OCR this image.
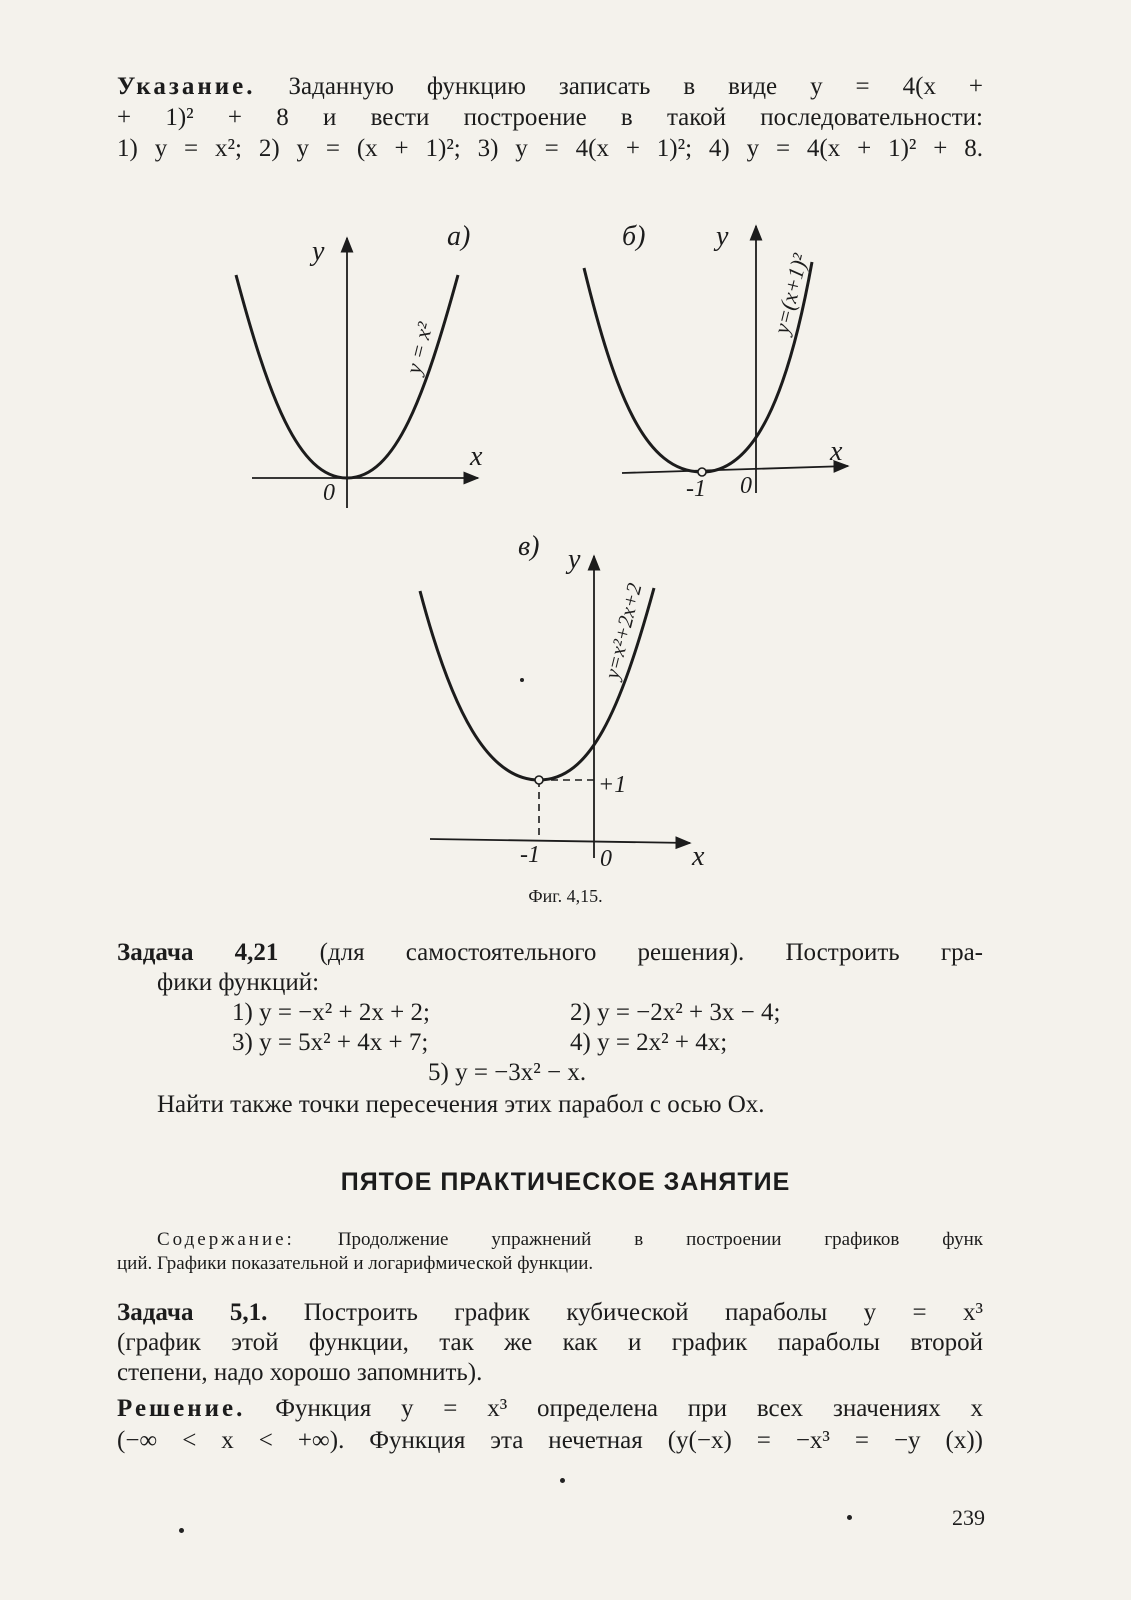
Указание. Заданную функцию записать в виде y = 4(x +
+ 1)² + 8 и вести построение в такой последовательности:
1) y = x²; 2) y = (x + 1)²; 3) y = 4(x + 1)²; 4) y = 4(x + 1)² + 8.
а)
y
x
0
y = x²
б)	y
x
0
-1
y=(x+1)²
в) y
x
0
-1
+1
y=x²+2x+2
Фиг. 4,15.
Задача 4,21 (для самостоятельного решения). Построить гра-
фики функций:
1) y = −x² + 2x + 2;	2) y = −2x² + 3x − 4;
3) y = 5x² + 4x + 7;	4) y = 2x² + 4x;
5) y = −3x² − x.
Найти также точки пересечения этих парабол с осью Ox.
ПЯТОЕ ПРАКТИЧЕСКОЕ ЗАНЯТИЕ
Содержание: Продолжение упражнений в построении графиков функ
ций. Графики показательной и логарифмической функции.
Задача 5,1. Построить график кубической параболы y = x³
(график этой функции, так же как и график параболы второй
степени, надо хорошо запомнить).
Решение. Функция y = x³ определена при всех значениях x
(−∞ < x < +∞). Функция эта нечетная (y(−x) = −x³ = −y (x))
239
